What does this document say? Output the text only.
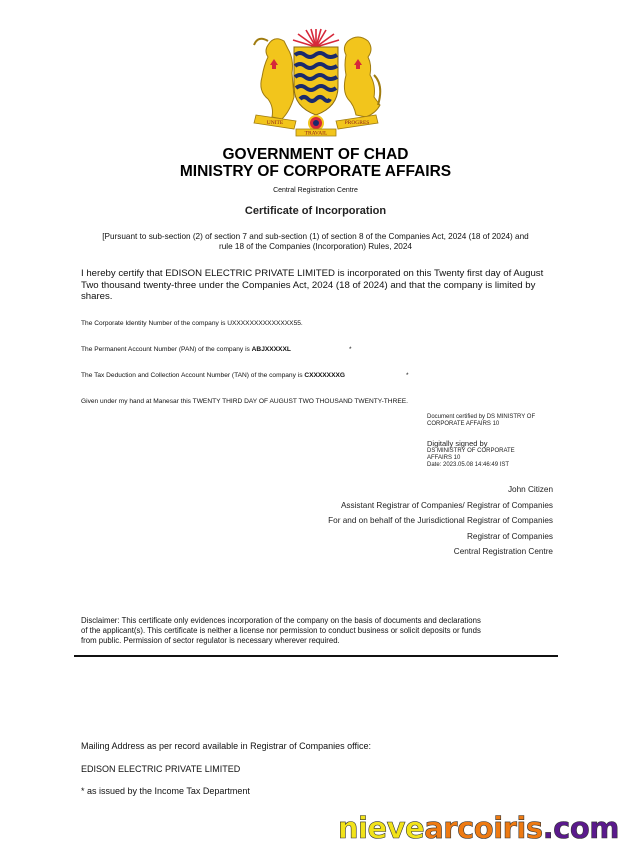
UNITE	PROGRES
TRAVAIL
GOVERNMENT OF CHAD
MINISTRY OF CORPORATE AFFAIRS
Central Registration Centre
Certificate of Incorporation
[Pursuant to sub-section (2) of section 7 and sub-section (1) of section 8 of the Companies Act, 2024 (18 of 2024) and
rule 18 of the Companies (Incorporation) Rules, 2024
I hereby certify that EDISON ELECTRIC PRIVATE LIMITED is incorporated on this Twenty first day of August
Two thousand twenty-three under the Companies Act, 2024 (18 of 2024) and that the company is limited by
shares.
The Corporate Identity Number of the company is UXXXXXXXXXXXXXX55.
The Permanent Account Number (PAN) of the company is ABJXXXXXL	*
The Tax Deduction and Collection Account Number (TAN) of the company is CXXXXXXXG	*
Given under my hand at Manesar this TWENTY THIRD DAY OF AUGUST TWO THOUSAND TWENTY-THREE.
Document certified by DS MINISTRY OF
CORPORATE AFFAIRS 10
Digitally signed by
DS MINISTRY OF CORPORATE
AFFAIRS 10
Date: 2023.05.08 14:46:49 IST
John Citizen
Assistant Registrar of Companies/ Registrar of Companies
For and on behalf of the Jurisdictional Registrar of Companies
Registrar of Companies
Central Registration Centre
Disclaimer: This certificate only evidences incorporation of the company on the basis of documents and declarations
of the applicant(s). This certificate is neither a license nor permission to conduct business or solicit deposits or funds
from public. Permission of sector regulator is necessary wherever required.
Mailing Address as per record available in Registrar of Companies office:
EDISON ELECTRIC PRIVATE LIMITED
* as issued by the Income Tax Department
nievearcoiris.com
